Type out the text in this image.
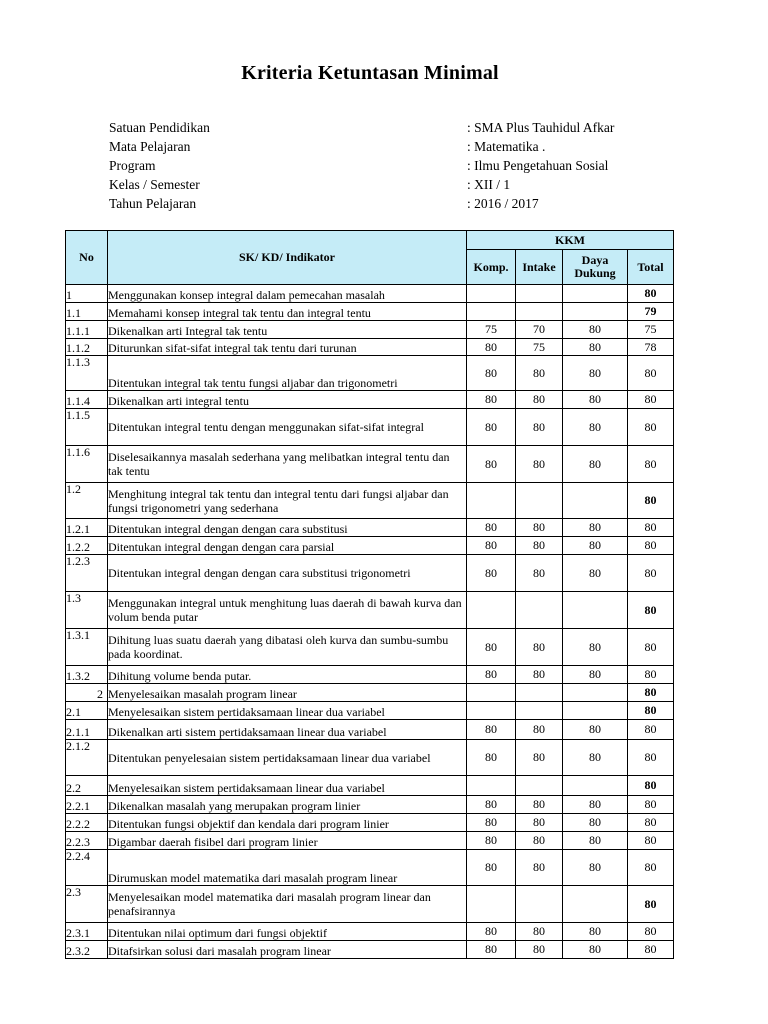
Kriteria Ketuntasan Minimal
Satuan Pendidikan	: SMA Plus Tauhidul Afkar
Mata Pelajaran	: Matematika .
Program	: Ilmu Pengetahuan Sosial
Kelas / Semester	: XII / 1
Tahun Pelajaran	: 2016 / 2017
No	SK/ KD/ Indikator	KKM			
		Komp.	Intake	Daya Dukung	Total
1	Menggunakan konsep integral dalam pemecahan masalah				80
1.1	Memahami konsep integral tak tentu dan integral tentu				79
1.1.1	Dikenalkan arti Integral tak tentu	75	70	80	75
1.1.2	Diturunkan sifat-sifat integral tak tentu dari turunan	80	75	80	78
1.1.3	Ditentukan integral tak tentu fungsi aljabar dan trigonometri	80	80	80	80
1.1.4	Dikenalkan arti integral tentu	80	80	80	80
1.1.5	Ditentukan integral tentu dengan menggunakan sifat-sifat integral	80	80	80	80
1.1.6	Diselesaikannya masalah sederhana yang melibatkan integral tentu dan tak tentu	80	80	80	80
1.2	Menghitung integral tak tentu dan integral tentu dari fungsi aljabar dan fungsi trigonometri yang sederhana				80
1.2.1	Ditentukan integral dengan dengan cara substitusi	80	80	80	80
1.2.2	Ditentukan integral dengan dengan cara parsial	80	80	80	80
1.2.3	Ditentukan integral dengan dengan cara substitusi trigonometri	80	80	80	80
1.3	Menggunakan integral untuk menghitung luas daerah di bawah kurva dan volum benda putar				80
1.3.1	Dihitung luas suatu daerah yang dibatasi oleh kurva dan sumbu-sumbu pada koordinat.	80	80	80	80
1.3.2	Dihitung volume benda putar.	80	80	80	80
2	Menyelesaikan masalah program linear				80
2.1	Menyelesaikan sistem pertidaksamaan linear dua variabel				80
2.1.1	Dikenalkan arti sistem pertidaksamaan linear dua variabel	80	80	80	80
2.1.2	Ditentukan penyelesaian sistem pertidaksamaan linear dua variabel	80	80	80	80
2.2	Menyelesaikan sistem pertidaksamaan linear dua variabel				80
2.2.1	Dikenalkan masalah yang merupakan program linier	80	80	80	80
2.2.2	Ditentukan fungsi objektif dan kendala dari program linier	80	80	80	80
2.2.3	Digambar daerah fisibel dari program linier	80	80	80	80
2.2.4	Dirumuskan model matematika dari masalah program linear	80	80	80	80
2.3	Menyelesaikan model matematika dari masalah program linear dan penafsirannya				80
2.3.1	Ditentukan nilai optimum dari fungsi objektif	80	80	80	80
2.3.2	Ditafsirkan solusi dari masalah program linear	80	80	80	80
